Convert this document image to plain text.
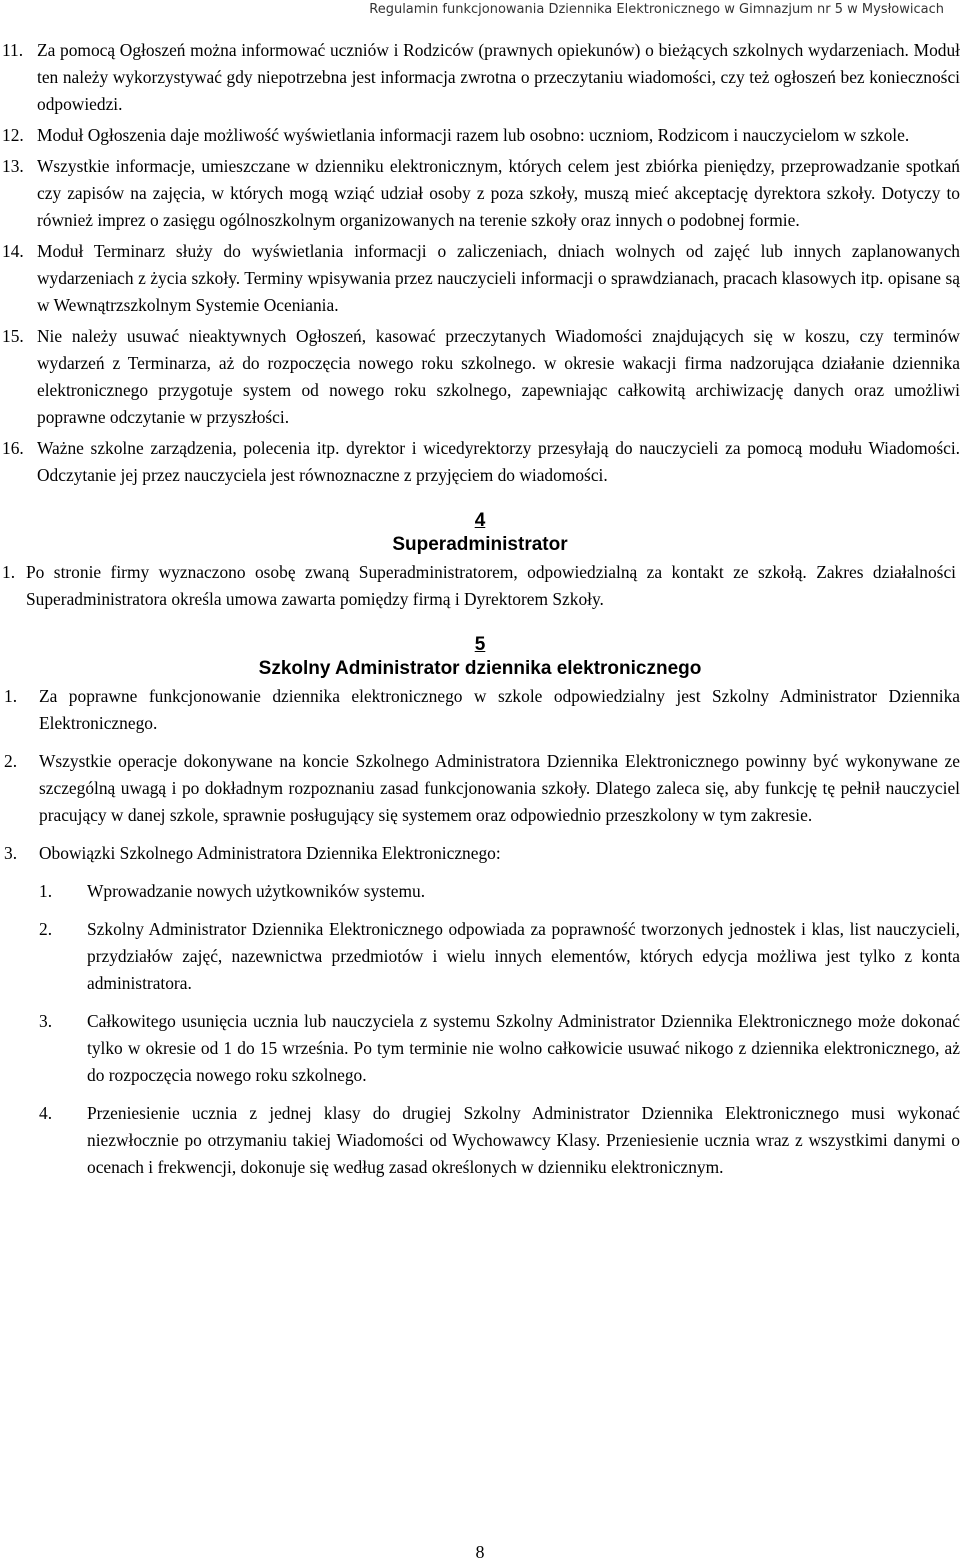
Regulamin funkcjonowania Dziennika Elektronicznego w Gimnazjum nr 5 w Mysłowicach
11. Za pomocą Ogłoszeń można informować uczniów i Rodziców (prawnych opiekunów) o bieżących szkolnych wydarzeniach. Moduł ten należy wykorzystywać gdy niepotrzebna jest informacja zwrotna o przeczytaniu wiadomości, czy też ogłoszeń bez konieczności odpowiedzi.
12. Moduł Ogłoszenia daje możliwość wyświetlania informacji razem lub osobno: uczniom, Rodzicom i nauczycielom w szkole.
13. Wszystkie informacje, umieszczane w dzienniku elektronicznym, których celem jest zbiórka pieniędzy, przeprowadzanie spotkań czy zapisów na zajęcia, w których mogą wziąć udział osoby z poza szkoły, muszą mieć akceptację dyrektora szkoły. Dotyczy to również imprez o zasięgu ogólnoszkolnym organizowanych na terenie szkoły oraz innych o podobnej formie.
14. Moduł Terminarz służy do wyświetlania informacji o zaliczeniach, dniach wolnych od zajęć lub innych zaplanowanych wydarzeniach z życia szkoły. Terminy wpisywania przez nauczycieli informacji o sprawdzianach, pracach klasowych itp. opisane są w Wewnątrzszkolnym Systemie Oceniania.
15. Nie należy usuwać nieaktywnych Ogłoszeń, kasować przeczytanych Wiadomości znajdujących się w koszu, czy terminów wydarzeń z Terminarza, aż do rozpoczęcia nowego roku szkolnego. w okresie wakacji firma nadzorująca działanie dziennika elektronicznego przygotuje system od nowego roku szkolnego, zapewniając całkowitą archiwizację danych oraz umożliwi poprawne odczytanie w przyszłości.
16. Ważne szkolne zarządzenia, polecenia itp. dyrektor i wicedyrektorzy przesyłają do nauczycieli za pomocą modułu Wiadomości. Odczytanie jej przez nauczyciela jest równoznaczne z przyjęciem do wiadomości.
4
Superadministrator
1. Po stronie firmy wyznaczono osobę zwaną Superadministratorem, odpowiedzialną za kontakt ze szkołą. Zakres działalności Superadministratora określa umowa zawarta pomiędzy firmą i Dyrektorem Szkoły.
5
Szkolny Administrator dziennika elektronicznego
1. Za poprawne funkcjonowanie dziennika elektronicznego w szkole odpowiedzialny jest Szkolny Administrator Dziennika Elektronicznego.
2. Wszystkie operacje dokonywane na koncie Szkolnego Administratora Dziennika Elektronicznego powinny być wykonywane ze szczególną uwagą i po dokładnym rozpoznaniu zasad funkcjonowania szkoły. Dlatego zaleca się, aby funkcję tę pełnił nauczyciel pracujący w danej szkole, sprawnie posługujący się systemem oraz odpowiednio przeszkolony w tym zakresie.
3. Obowiązki Szkolnego Administratora Dziennika Elektronicznego:
1. Wprowadzanie nowych użytkowników systemu.
2. Szkolny Administrator Dziennika Elektronicznego odpowiada za poprawność tworzonych jednostek i klas, list nauczycieli, przydziałów zajęć, nazewnictwa przedmiotów i wielu innych elementów, których edycja możliwa jest tylko z konta administratora.
3. Całkowitego usunięcia ucznia lub nauczyciela z systemu Szkolny Administrator Dziennika Elektronicznego może dokonać tylko w okresie od 1 do 15 września. Po tym terminie nie wolno całkowicie usuwać nikogo z dziennika elektronicznego, aż do rozpoczęcia nowego roku szkolnego.
4. Przeniesienie ucznia z jednej klasy do drugiej Szkolny Administrator Dziennika Elektronicznego musi wykonać niezwłocznie po otrzymaniu takiej Wiadomości od Wychowawcy Klasy. Przeniesienie ucznia wraz z wszystkimi danymi o ocenach i frekwencji, dokonuje się według zasad określonych w dzienniku elektronicznym.
8
